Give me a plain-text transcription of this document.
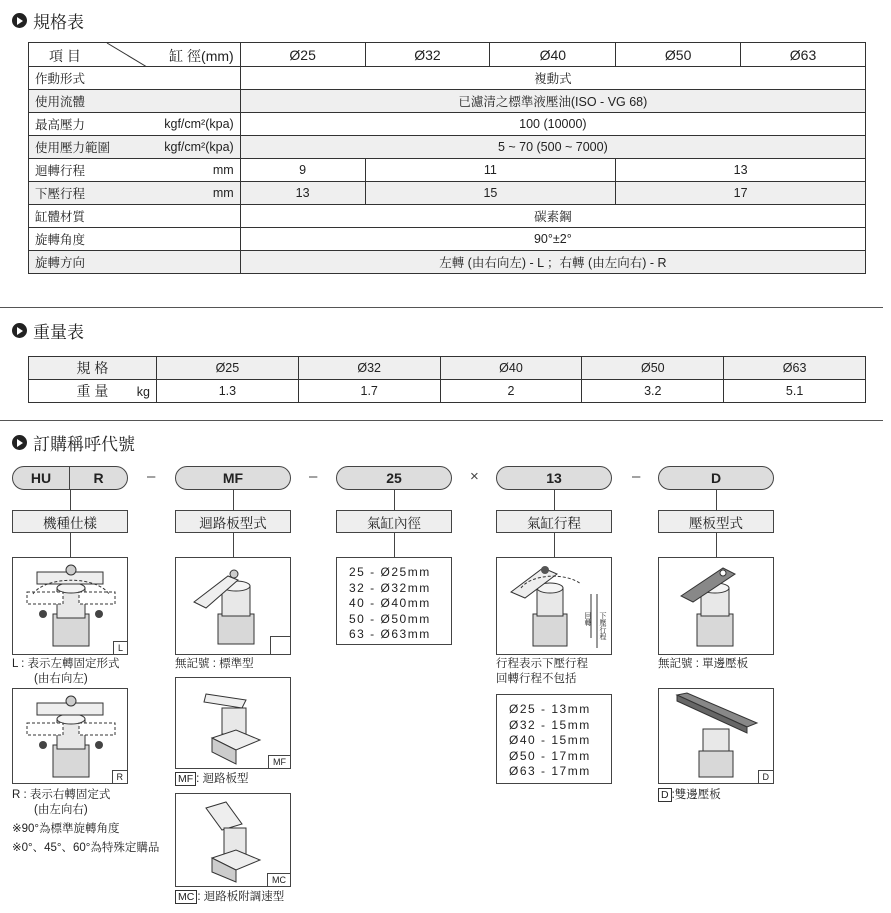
規格表
項 目 缸 徑(mm)	Ø25	Ø32	Ø40	Ø50	Ø63
作動形式	複動式				
使用流體	已濾清之標準液壓油(ISO - VG 68)				
最高壓力 kgf/cm²(kpa)	100 (10000)				
使用壓力範圍 kgf/cm²(kpa)	5 ~ 70 (500 ~ 7000)				
迴轉行程 mm	9	11		13	
下壓行程 mm	13	15		17	
缸體材質	碳素鋼				
旋轉角度	90°±2°				
旋轉方向	左轉 (由右向左) - L ；右轉 (由左向右) - R				
重量表
規 格	Ø25	Ø32	Ø40	Ø50	Ø63
重 量 kg	1.3	1.7	2	3.2	5.1
訂購稱呼代號
HU	R	–	MF	–	25	×	13	–	D
機種仕樣	迴路板型式	氣缸內徑	氣缸行程	壓板型式
L
L : 表示左轉固定形式
(由右向左)
R
R : 表示右轉固定式
(由左向右)
※90°為標準旋轉角度
※0°、45°、60°為特殊定購品
無記號 : 標準型
MF
MF : 迴路板型
MC
MC : 迴路板附調速型
25 - Ø25mm
32 - Ø32mm
40 - Ø40mm
50 - Ø50mm
63 - Ø63mm
回轉 下壓行程
行程表示下壓行程
回轉行程不包括
Ø25 - 13mm
Ø32 - 15mm
Ø40 - 15mm
Ø50 - 17mm
Ø63 - 17mm
無記號 : 單邊壓板
D
D :雙邊壓板
